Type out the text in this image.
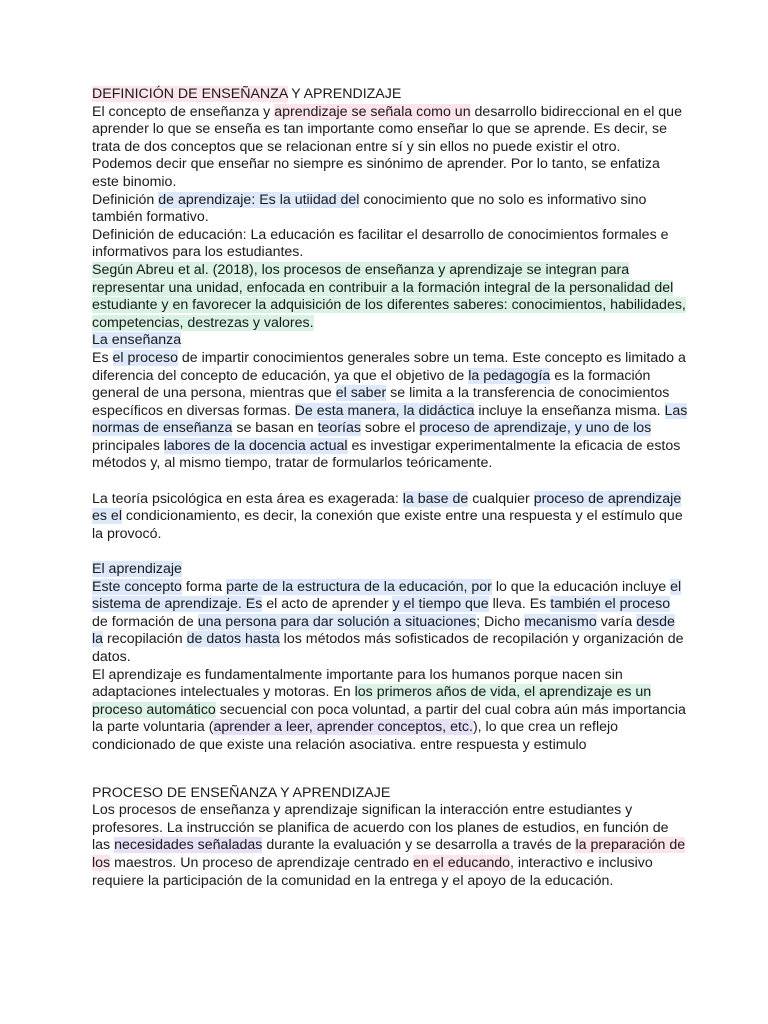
DEFINICIÓN DE ENSEÑANZA Y APRENDIZAJE

El concepto de enseñanza y aprendizaje se señala como un desarrollo bidireccional en el que aprender lo que se enseña es tan importante como enseñar lo que se aprende. Es decir, se trata de dos conceptos que se relacionan entre sí y sin ellos no puede existir el otro.

Podemos decir que enseñar no siempre es sinónimo de aprender. Por lo tanto, se enfatiza este binomio.

Definición de aprendizaje: Es la utiidad del conocimiento que no solo es informativo sino también formativo.

Definición de educación: La educación es facilitar el desarrollo de conocimientos formales e informativos para los estudiantes.

Según Abreu et al. (2018), los procesos de enseñanza y aprendizaje se integran para representar una unidad, enfocada en contribuir a la formación integral de la personalidad del estudiante y en favorecer la adquisición de los diferentes saberes: conocimientos, habilidades, competencias, destrezas y valores.

La enseñanza

Es el proceso de impartir conocimientos generales sobre un tema. Este concepto es limitado a diferencia del concepto de educación, ya que el objetivo de la pedagogía es la formación general de una persona, mientras que el saber se limita a la transferencia de conocimientos específicos en diversas formas. De esta manera, la didáctica incluye la enseñanza misma. Las normas de enseñanza se basan en teorías sobre el proceso de aprendizaje, y uno de los principales labores de la docencia actual es investigar experimentalmente la eficacia de estos métodos y, al mismo tiempo, tratar de formularlos teóricamente.

La teoría psicológica en esta área es exagerada: la base de cualquier proceso de aprendizaje es el condicionamiento, es decir, la conexión que existe entre una respuesta y el estímulo que la provocó.

El aprendizaje

Este concepto forma parte de la estructura de la educación, por lo que la educación incluye el sistema de aprendizaje. Es el acto de aprender y el tiempo que lleva. Es también el proceso de formación de una persona para dar solución a situaciones; Dicho mecanismo varía desde la recopilación de datos hasta los métodos más sofisticados de recopilación y organización de datos.

El aprendizaje es fundamentalmente importante para los humanos porque nacen sin adaptaciones intelectuales y motoras. En los primeros años de vida, el aprendizaje es un proceso automático secuencial con poca voluntad, a partir del cual cobra aún más importancia la parte voluntaria (aprender a leer, aprender conceptos, etc.), lo que crea un reflejo condicionado de que existe una relación asociativa. entre respuesta y estimulo

PROCESO DE ENSEÑANZA Y APRENDIZAJE

Los procesos de enseñanza y aprendizaje significan la interacción entre estudiantes y profesores. La instrucción se planifica de acuerdo con los planes de estudios, en función de las necesidades señaladas durante la evaluación y se desarrolla a través de la preparación de los maestros. Un proceso de aprendizaje centrado en el educando, interactivo e inclusivo requiere la participación de la comunidad en la entrega y el apoyo de la educación.
